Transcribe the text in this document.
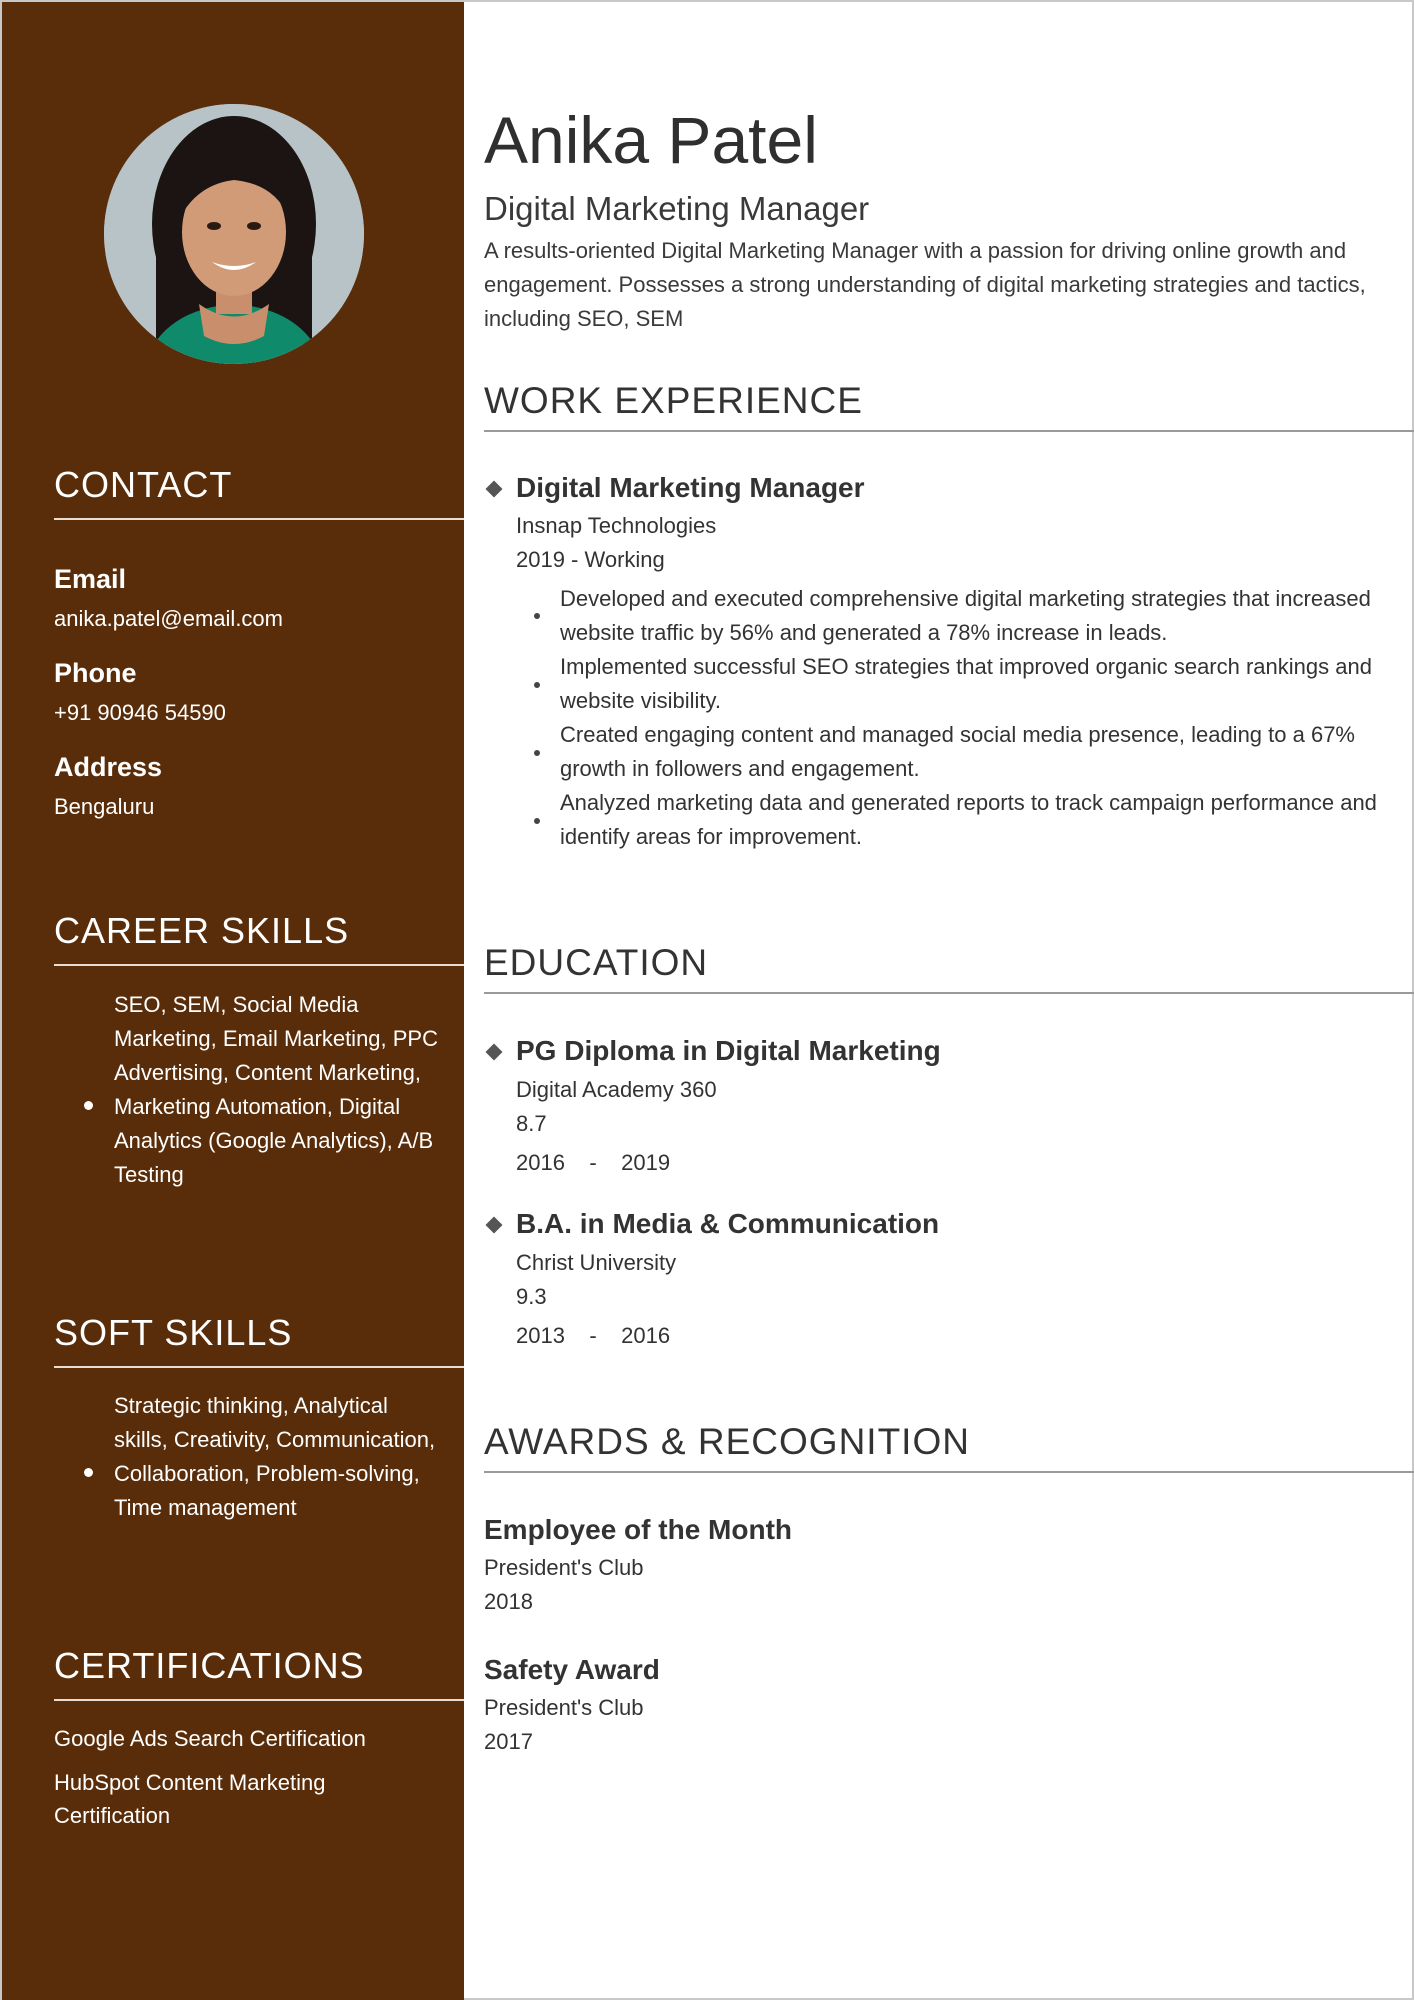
CONTACT
Email
anika.patel@email.com
Phone
+91 90946 54590
Address
Bengaluru
CAREER SKILLS

SEO, SEM, Social Media Marketing, Email Marketing, PPC Advertising, Content Marketing, Marketing Automation, Digital Analytics (Google Analytics), A/B Testing

SOFT SKILLS

Strategic thinking, Analytical skills, Creativity, Communication, Collaboration, Problem-solving, Time management

CERTIFICATIONS
Google Ads Search Certification
HubSpot Content Marketing Certification
Anika Patel
Digital Marketing Manager

A results-oriented Digital Marketing Manager with a passion for driving online growth and engagement. Possesses a strong understanding of digital marketing strategies and tactics, including SEO, SEM

WORK EXPERIENCE
Digital Marketing Manager
Insnap Technologies
2019 - Working

Developed and executed comprehensive digital marketing strategies that increased website traffic by 56% and generated a 78% increase in leads.

Implemented successful SEO strategies that improved organic search rankings and website visibility.

Created engaging content and managed social media presence, leading to a 67% growth in followers and engagement.

Analyzed marketing data and generated reports to track campaign performance and identify areas for improvement.

EDUCATION
PG Diploma in Digital Marketing
Digital Academy 360
8.7
2016    -    2019
B.A. in Media & Communication
Christ University
9.3
2013    -    2016
AWARDS & RECOGNITION
Employee of the Month
President's Club
2018
Safety Award
President's Club
2017
